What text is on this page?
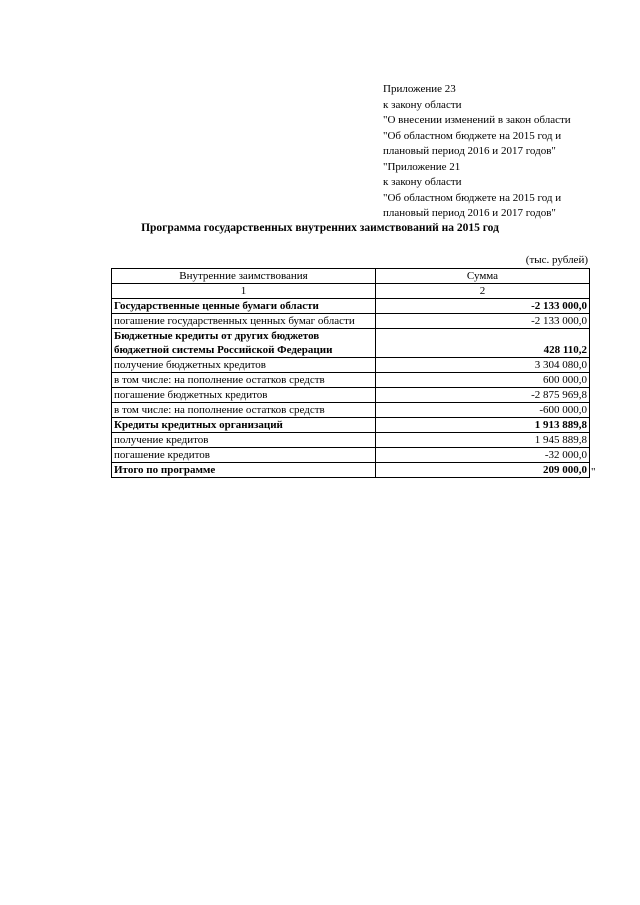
Приложение 23
к закону области
"О внесении изменений в закон области
"Об областном бюджете на 2015 год и
плановый период 2016 и 2017 годов"
"Приложение 21
к закону области
"Об областном бюджете на 2015 год и
плановый период 2016 и 2017 годов"
Программа государственных внутренних заимствований на 2015 год
(тыс. рублей)
Внутренние заимствования	Сумма
1	2
Государственные ценные бумаги области	-2 133 000,0
погашение государственных ценных бумаг области	-2 133 000,0
Бюджетные кредиты от других бюджетов бюджетной системы Российской Федерации	428 110,2
получение бюджетных кредитов	3 304 080,0
в том числе: на пополнение остатков средств	600 000,0
погашение бюджетных кредитов	-2 875 969,8
в том числе: на пополнение остатков средств	-600 000,0
Кредиты кредитных организаций	1 913 889,8
получение кредитов	1 945 889,8
погашение кредитов	-32 000,0
Итого по программе	209 000,0 "
